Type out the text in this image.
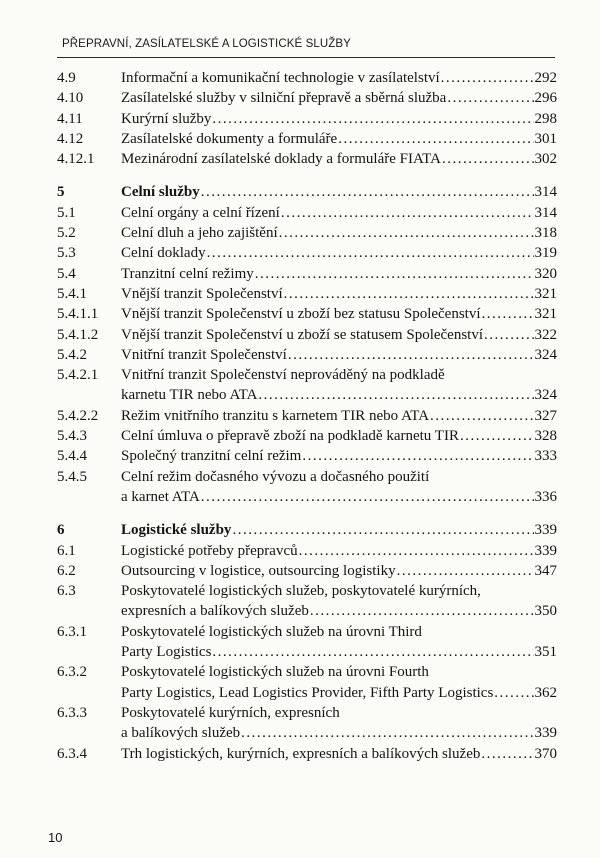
PŘEPRAVNÍ, ZASÍLATELSKÉ A LOGISTICKÉ SLUŽBY
4.9	Informační a komunikační technologie v zasílatelství .....	292
4.10	Zasílatelské služby v silniční přepravě a sběrná služba .....	296
4.11	Kurýrní služby .....	298
4.12	Zasílatelské dokumenty a formuláře .....	301
4.12.1	Mezinárodní zasílatelské doklady a formuláře FIATA .....	302
5	Celní služby .....	314
5.1	Celní orgány a celní řízení .....	314
5.2	Celní dluh a jeho zajištění .....	318
5.3	Celní doklady .....	319
5.4	Tranzitní celní režimy .....	320
5.4.1	Vnější tranzit Společenství .....	321
5.4.1.1	Vnější tranzit Společenství u zboží bez statusu Společenství .....	321
5.4.1.2	Vnější tranzit Společenství u zboží se statusem Společenství .....	322
5.4.2	Vnitřní tranzit Společenství .....	324
5.4.2.1	Vnitřní tranzit Společenství neprováděný na podkladě
karnetu TIR nebo ATA .....	324
5.4.2.2	Režim vnitřního tranzitu s karnetem TIR nebo ATA .....	327
5.4.3	Celní úmluva o přepravě zboží na podkladě karnetu TIR .....	328
5.4.4	Společný tranzitní celní režim .....	333
5.4.5	Celní režim dočasného vývozu a dočasného použití
a karnet ATA .....	336
6	Logistické služby .....	339
6.1	Logistické potřeby přepravců .....	339
6.2	Outsourcing v logistice, outsourcing logistiky .....	347
6.3	Poskytovatelé logistických služeb, poskytovatelé kurýrních,
expresních a balíkových služeb .....	350
6.3.1	Poskytovatelé logistických služeb na úrovni Third
Party Logistics .....	351
6.3.2	Poskytovatelé logistických služeb na úrovni Fourth
Party Logistics, Lead Logistics Provider, Fifth Party Logistics .....	362
6.3.3	Poskytovatelé kurýrních, expresních
a balíkových služeb .....	339
6.3.4	Trh logistických, kurýrních, expresních a balíkových služeb .....	370
10
